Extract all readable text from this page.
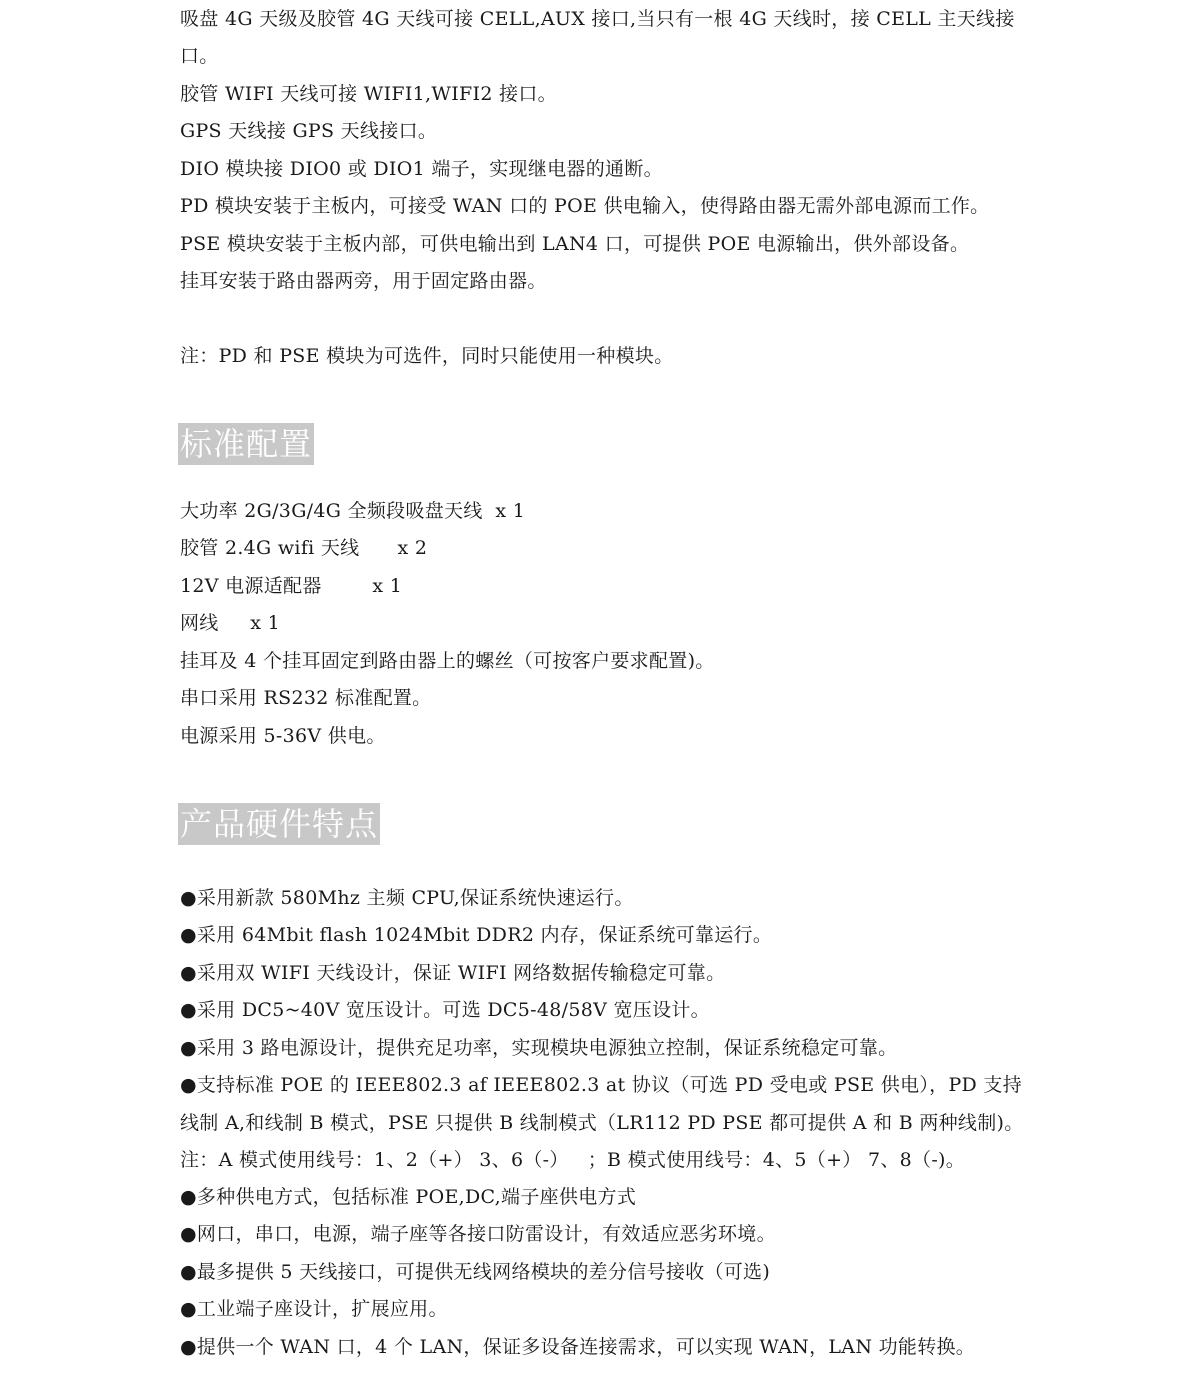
吸盘 4G 天级及胶管 4G 天线可接 CELL,AUX 接口,当只有一根 4G 天线时，接 CELL 主天线接
口。
胶管 WIFI 天线可接 WIFI1,WIFI2 接口。
GPS 天线接 GPS 天线接口。
DIO 模块接 DIO0 或 DIO1 端子，实现继电器的通断。
PD 模块安装于主板内，可接受 WAN 口的 POE 供电输入，使得路由器无需外部电源而工作。
PSE 模块安装于主板内部，可供电输出到 LAN4 口，可提供 POE 电源输出，供外部设备。
挂耳安装于路由器两旁，用于固定路由器。
注：PD 和 PSE 模块为可选件，同时只能使用一种模块。
标准配置
大功率 2G/3G/4G 全频段吸盘天线  x 1
胶管 2.4G wifi 天线      x 2
12V 电源适配器        x 1
网线     x 1
挂耳及 4 个挂耳固定到路由器上的螺丝（可按客户要求配置)。
串口采用 RS232 标准配置。
电源采用 5-36V 供电。
产品硬件特点
●采用新款 580Mhz 主频 CPU,保证系统快速运行。
●采用 64Mbit flash 1024Mbit DDR2 内存，保证系统可靠运行。
●采用双 WIFI 天线设计，保证 WIFI 网络数据传输稳定可靠。
●采用 DC5~40V 宽压设计。可选 DC5-48/58V 宽压设计。
●采用 3 路电源设计，提供充足功率，实现模块电源独立控制，保证系统稳定可靠。
●支持标准 POE 的 IEEE802.3 af IEEE802.3 at 协议（可选 PD 受电或 PSE 供电），PD 支持
线制 A,和线制 B 模式，PSE 只提供 B 线制模式（LR112 PD PSE 都可提供 A 和 B 两种线制)。
注：A 模式使用线号：1、2（+） 3、6（-）   ；B 模式使用线号：4、5（+） 7、8（-)。
●多种供电方式，包括标准 POE,DC,端子座供电方式
●网口，串口，电源，端子座等各接口防雷设计，有效适应恶劣环境。
●最多提供 5 天线接口，可提供无线网络模块的差分信号接收（可选)
●工业端子座设计，扩展应用。
●提供一个 WAN 口，4 个 LAN，保证多设备连接需求，可以实现 WAN，LAN 功能转换。
